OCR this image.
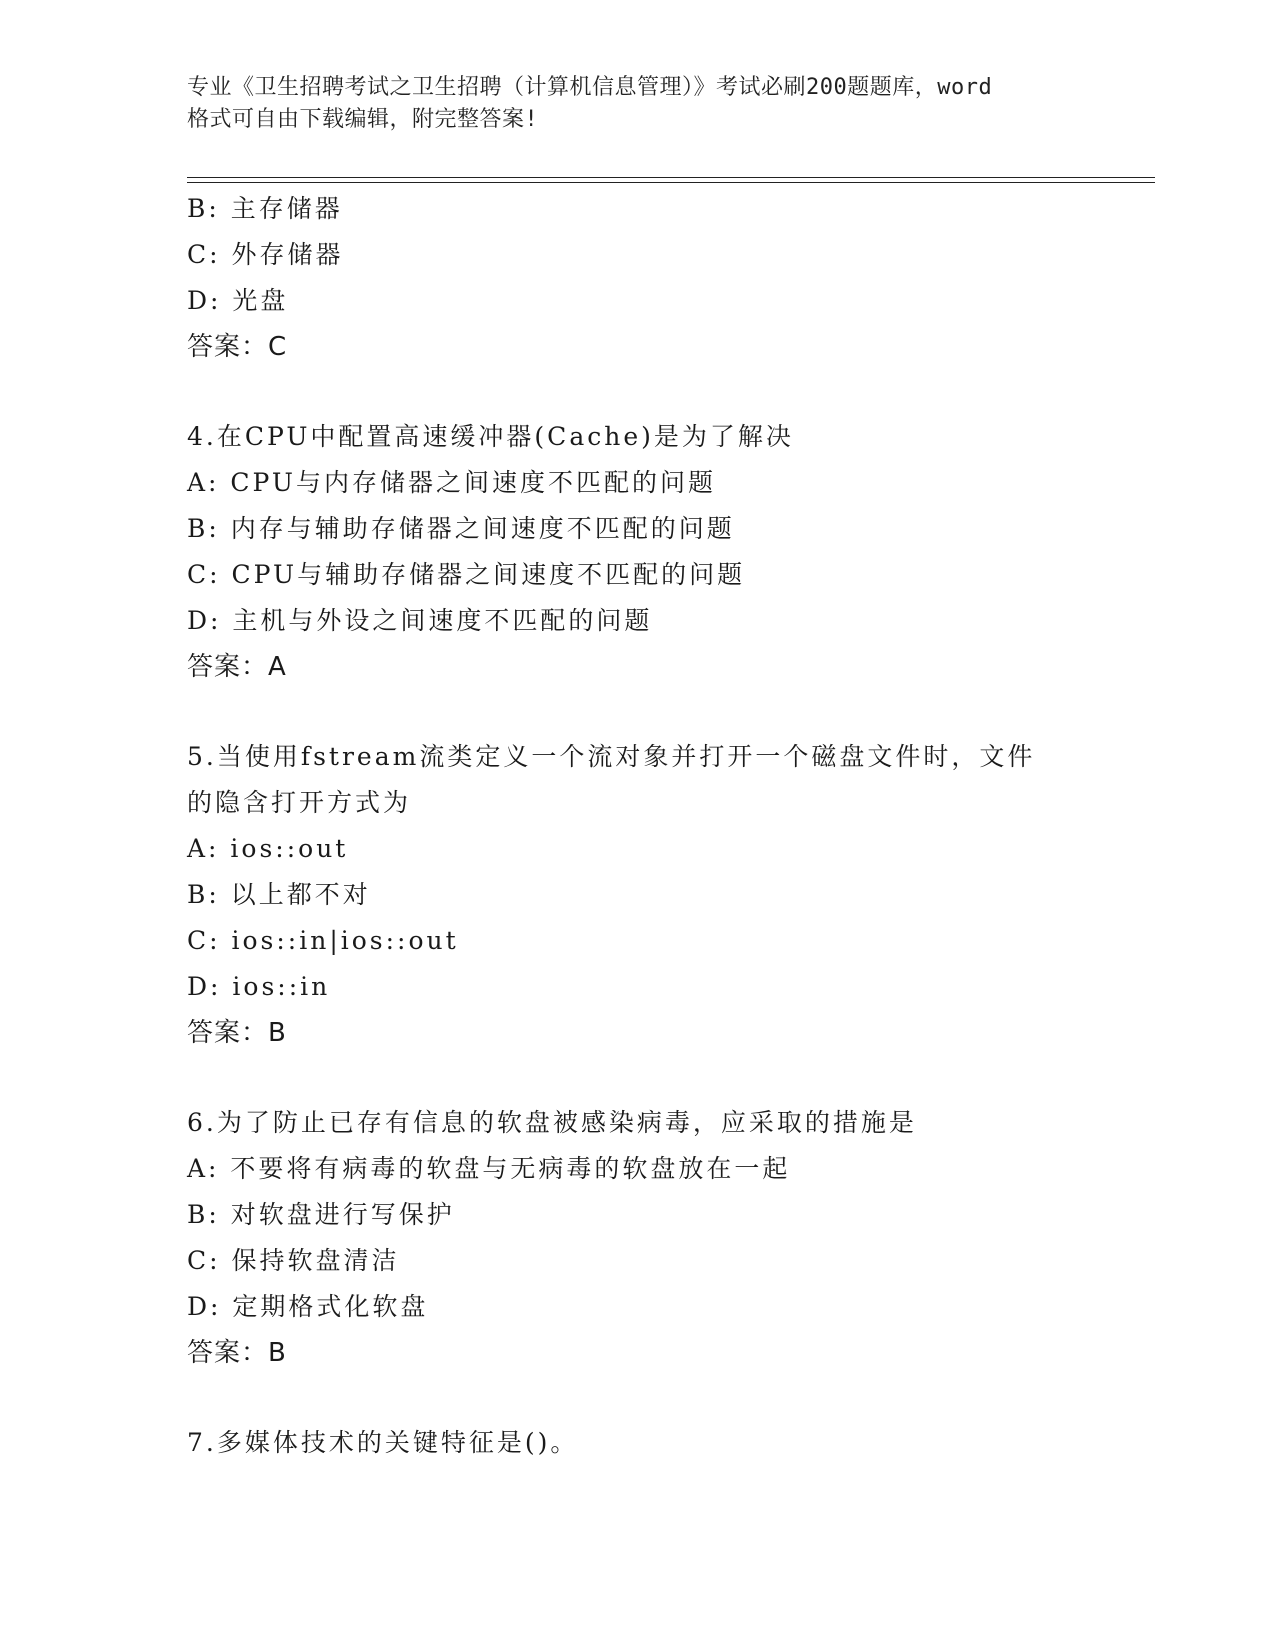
专业《卫生招聘考试之卫生招聘（计算机信息管理）》考试必刷200题题库，word
格式可自由下载编辑，附完整答案!
B: 主存储器
C: 外存储器
D: 光盘
答案：C
4.在CPU中配置高速缓冲器(Cache)是为了解决
A: CPU与内存储器之间速度不匹配的问题
B: 内存与辅助存储器之间速度不匹配的问题
C: CPU与辅助存储器之间速度不匹配的问题
D: 主机与外设之间速度不匹配的问题
答案：A
5.当使用fstream流类定义一个流对象并打开一个磁盘文件时，文件
的隐含打开方式为
A: ios::out
B: 以上都不对
C: ios::in|ios::out
D: ios::in
答案：B
6.为了防止已存有信息的软盘被感染病毒，应采取的措施是
A: 不要将有病毒的软盘与无病毒的软盘放在一起
B: 对软盘进行写保护
C: 保持软盘清洁
D: 定期格式化软盘
答案：B
7.多媒体技术的关键特征是()。
